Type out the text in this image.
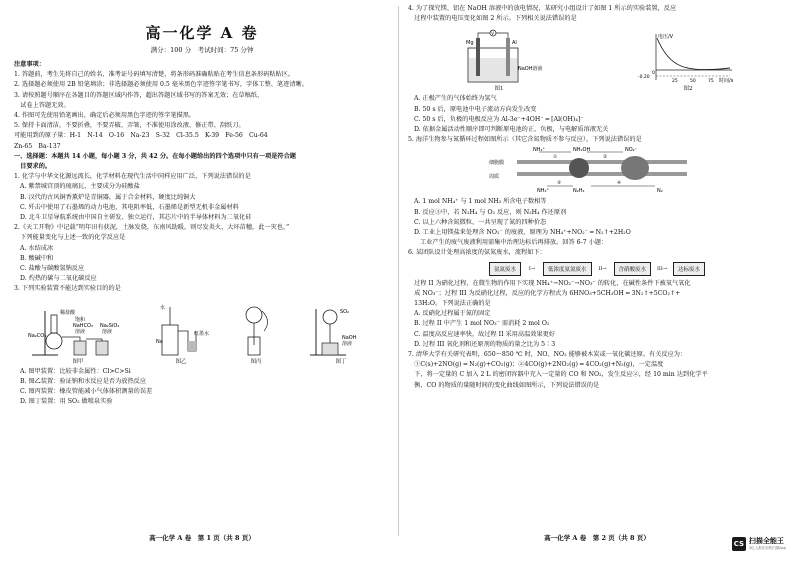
高一化学 A 卷
满分：100 分　考试时间：75 分钟
注意事项：
1. 答题前，考生先将自己的姓名、准考证号码填写清楚，将条形码准确粘贴在考生信息条形码粘贴区。
2. 选择题必须使用 2B 铅笔填涂；非选择题必须使用 0.5 毫米黑色字迹签字笔书写，字体工整、笔迹清晰。
3. 请按照题号顺序在各题目的答题区域内作答，超出答题区域书写的答案无效；在草稿纸、
　试卷上答题无效。
4. 作图可先使用铅笔画出，确定后必须用黑色字迹的签字笔描黑。
5. 保持卡面清洁，不要折叠，不要弄破、弄皱，不准使用涂改液、修正带、刮纸刀。
可能用到的原子量：H-1　N-14　O-16　Na-23　S-32　Cl-35.5　K-39　Fe-56　Cu-64
Zn-65　Ba-137
一、选择题：本题共 14 小题，每小题 3 分，共 42 分。在每小题给出的四个选项中只有一项是符合题
　目要求的。
1. 化学与中华文化源远流长，化学材料在现代生活中同样应用广泛，下列说法错误的是
A. 紫禁城宫顶的琉璃瓦，主要成分为硅酸盐
B. 汉代的古风铜香薰炉是青铜器，属于合金材料，硬度比纯铜大
C. 歼击中使用了石墨烯的动力电池，其电阻率低，石墨烯是新型无机非金属材料
D. 北斗卫星导航系统由中国自主研发、独立运行，其芯片中的半导体材料为二氧化硅
2.《天工开物》中记载“明年田有获泥，土脉发烧，东南风助暖，则尽发炎火，大坏苗穗，此一灾也。”
　下列能量变化与上述一致的化学反应是
A. 水结成冰
B. 酸碱中和
C. 盐酸与碳酸氢钠反应
D. 灼热的碳与二氧化碳反应
3. 下列实验装置不能达到实验目的的是
稀盐酸
饱和
NaHCO₃
溶液
Na₂SiO₃
溶液
Na₂CO₃
图甲
水
Na
红墨水
图乙	图丙
SO₂
NaOH
溶液
图丁
A. 图甲装置：比较非金属性：Cl>C>Si
B. 图乙装置：验证钠和水反应是否为放热反应
C. 图丙装置：橡皮管能减小气体体积测量的误差
D. 图丁装置：用 SO₂ 做喷泉实验
高一化学 A 卷　第 1 页（共 8 页）
4. 为了探究镁、铝在 NaOH 溶液中的放电情况，某研究小组设计了如图 1 所示的实验装置，反应
　过程中装置的电压变化如图 2 所示。下列相关说法错误的是
V
Mg	Al
NaOH溶液
图1
电压/V
时间/s
0
25	50	75
-0.20
图2
A. 正极产生的气体始终为氢气
B. 50 s 后，原电池中电子流动方向发生改变
C. 50 s 后，负极的电极反应为 Al-3e⁻+4OH⁻ ═ [Al(OH)₄]⁻
D. 依据金属活动性顺序即可判断原电池的正、负极，与电解质溶液无关
5. 海洋生物参与氮循环过程如图所示（其它含氮物质不参与反应），下列说法错误的是
细胞膜
周质
NH₄⁺	NH₂OH	NO₂⁻
NH₄⁺	N₂H₄	N₂
①	②
③	④
A. 1 mol NH₄⁺ 与 1 mol NH₃ 所含电子数相等
B. 反应③中，若 N₂H₄ 与 O₂ 反应，则 N₂H₄ 作还原剂
C. 以上六种含氮微粒，一共呈现了氮的四种价态
D. 工业上用镁盐来处理含 NO₂⁻ 的废液，原理为 NH₄⁺+NO₂⁻ ═ N₂↑+2H₂O
工业产生的废气废液利用需集中治理达标后再排放。回答 6-7 小题：
6. 某团队设计处理高浓度的氨氮废水，流程如下：
氨氮废水	I→	低浓度氨氮废水	II→	含硝酸废水	III→	达标废水
　过程 II 为硝化过程，在微生物的作用下实现 NH₄⁺→NO₂⁻→NO₃⁻ 的转化，在碱性条件下被氧气氧化
　成 NO₃⁻；过程 III 为反硝化过程，反应的化学方程式为 6HNO₃+5CH₃OH ═ 3N₂↑+5CO₂↑+
　13H₂O。下列说法正确的是
A. 反硝化过程属于氮的固定
B. 过程 II 中产生 1 mol NO₃⁻ 需消耗 2 mol O₂
C. 温度高反应速率快，故过程 II 采用高温效果更好
D. 过程 III 氧化剂和还原剂的物质的量之比为 5∶3
7. 清华大学有关研究表明，650～850 ℃ 时，NO、NO₂ 能够被木炭或一氧化碳还原。有关反应为：
　①C(s)+2NO(g) ═ N₂(g)+CO₂(g)；②4CO(g)+2NO₂(g) ═ 4CO₂(g)+N₂(g)，一定温度
　下，将一定量的 C 加入 2 L 的密闭容器中充入一定量的 CO 和 NO₂，发生反应②，经 10 min 达到化学平
　衡，CO 的物质的量随时间的变化曲线如图所示，下列说法错误的是
高一化学 A 卷　第 2 页（共 8 页）
CS 扫描全能王
3亿人都在用的扫描App
